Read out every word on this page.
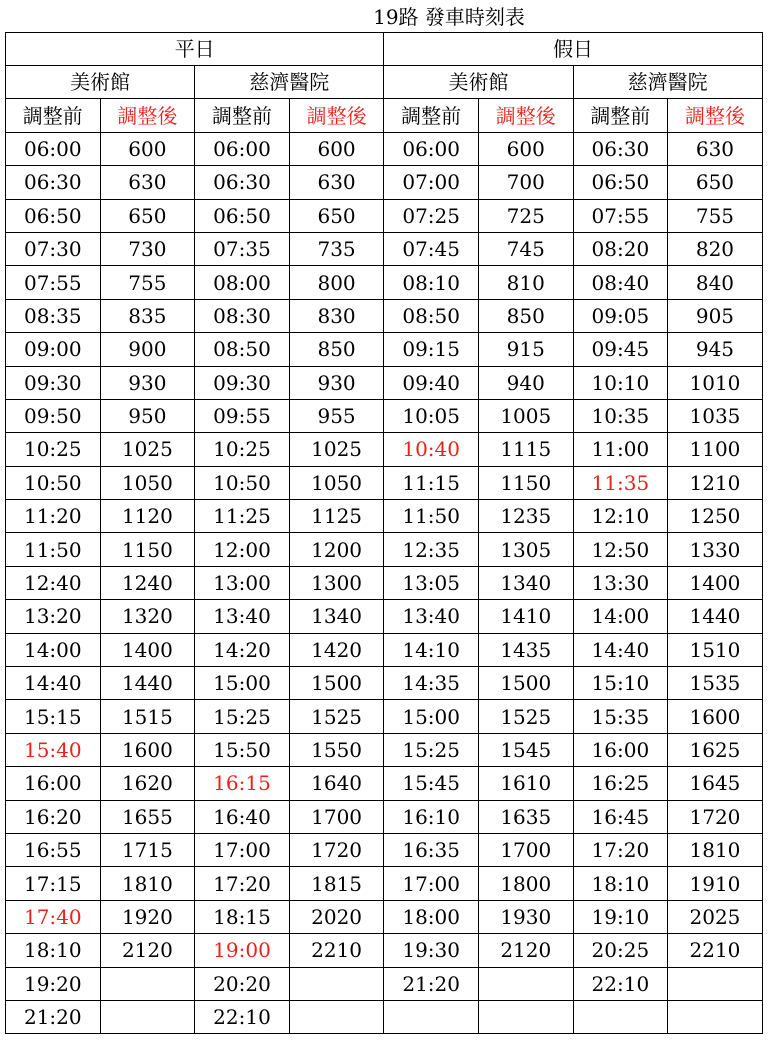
19路 發車時刻表
平日				假日			
美術館		慈濟醫院		美術館		慈濟醫院	
調整前	調整後	調整前	調整後	調整前	調整後	調整前	調整後
06:00	600	06:00	600	06:00	600	06:30	630
06:30	630	06:30	630	07:00	700	06:50	650
06:50	650	06:50	650	07:25	725	07:55	755
07:30	730	07:35	735	07:45	745	08:20	820
07:55	755	08:00	800	08:10	810	08:40	840
08:35	835	08:30	830	08:50	850	09:05	905
09:00	900	08:50	850	09:15	915	09:45	945
09:30	930	09:30	930	09:40	940	10:10	1010
09:50	950	09:55	955	10:05	1005	10:35	1035
10:25	1025	10:25	1025	10:40	1115	11:00	1100
10:50	1050	10:50	1050	11:15	1150	11:35	1210
11:20	1120	11:25	1125	11:50	1235	12:10	1250
11:50	1150	12:00	1200	12:35	1305	12:50	1330
12:40	1240	13:00	1300	13:05	1340	13:30	1400
13:20	1320	13:40	1340	13:40	1410	14:00	1440
14:00	1400	14:20	1420	14:10	1435	14:40	1510
14:40	1440	15:00	1500	14:35	1500	15:10	1535
15:15	1515	15:25	1525	15:00	1525	15:35	1600
15:40	1600	15:50	1550	15:25	1545	16:00	1625
16:00	1620	16:15	1640	15:45	1610	16:25	1645
16:20	1655	16:40	1700	16:10	1635	16:45	1720
16:55	1715	17:00	1720	16:35	1700	17:20	1810
17:15	1810	17:20	1815	17:00	1800	18:10	1910
17:40	1920	18:15	2020	18:00	1930	19:10	2025
18:10	2120	19:00	2210	19:30	2120	20:25	2210
19:20		20:20		21:20		22:10	
21:20		22:10					
